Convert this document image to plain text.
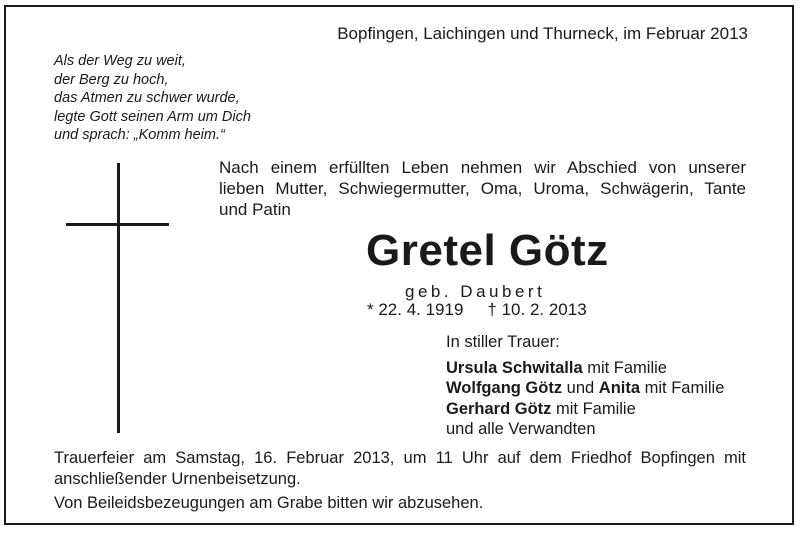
Bopfingen, Laichingen und Thurneck, im Februar 2013
Als der Weg zu weit,
der Berg zu hoch,
das Atmen zu schwer wurde,
legte Gott seinen Arm um Dich
und sprach: „Komm heim.“
Nach einem erfüllten Leben nehmen wir Abschied von unserer
lieben Mutter, Schwiegermutter, Oma, Uroma, Schwägerin, Tante
und Patin
Gretel Götz
geb. Daubert
* 22. 4. 1919 † 10. 2. 2013
In stiller Trauer:
Ursula Schwitalla mit Familie
Wolfgang Götz und Anita mit Familie
Gerhard Götz mit Familie
und alle Verwandten
Trauerfeier am Samstag, 16. Februar 2013, um 11 Uhr auf dem Friedhof Bopfingen mit
anschließender Urnenbeisetzung.
Von Beileidsbezeugungen am Grabe bitten wir abzusehen.
